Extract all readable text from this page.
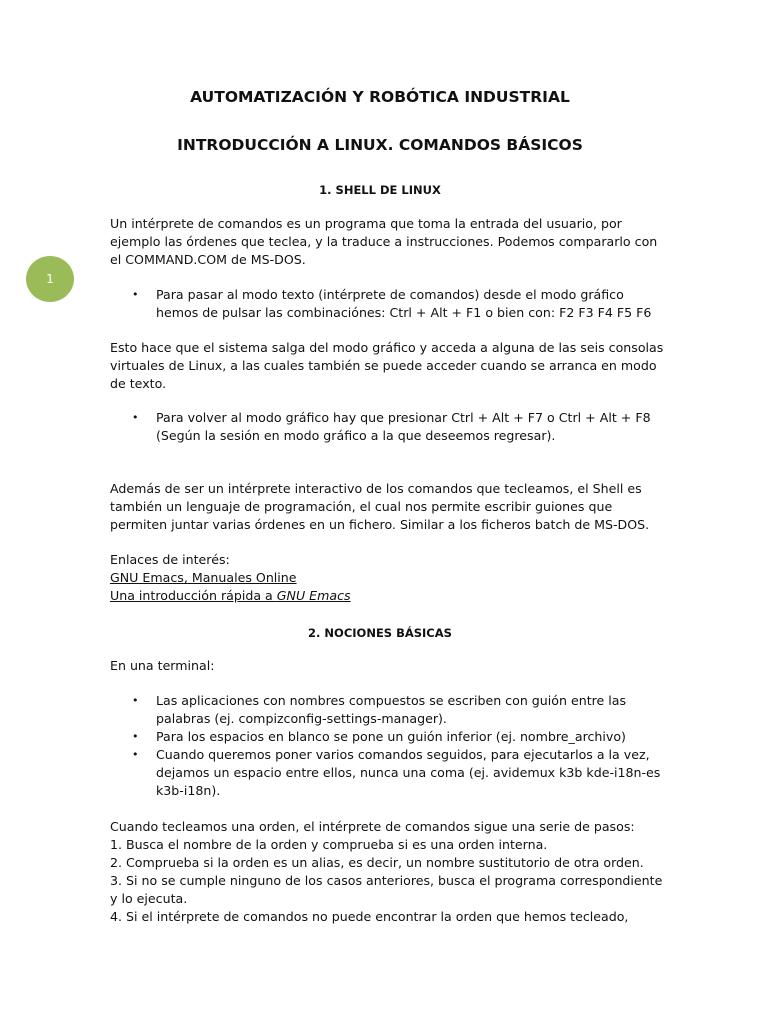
1
AUTOMATIZACIÓN Y ROBÓTICA INDUSTRIAL
INTRODUCCIÓN A LINUX. COMANDOS BÁSICOS
1. SHELL DE LINUX
Un intérprete de comandos es un programa que toma la entrada del usuario, por
ejemplo las órdenes que teclea, y la traduce a instrucciones. Podemos compararlo con
el COMMAND.COM de MS-DOS.
• Para pasar al modo texto (intérprete de comandos) desde el modo gráfico
hemos de pulsar las combinaciónes: Ctrl + Alt + F1 o bien con: F2 F3 F4 F5 F6
Esto hace que el sistema salga del modo gráfico y acceda a alguna de las seis consolas
virtuales de Linux, a las cuales también se puede acceder cuando se arranca en modo
de texto.
• Para volver al modo gráfico hay que presionar Ctrl + Alt + F7 o Ctrl + Alt + F8
(Según la sesión en modo gráfico a la que deseemos regresar).
Además de ser un intérprete interactivo de los comandos que tecleamos, el Shell es
también un lenguaje de programación, el cual nos permite escribir guiones que
permiten juntar varias órdenes en un fichero. Similar a los ficheros batch de MS-DOS.
Enlaces de interés:
GNU Emacs, Manuales Online
Una introducción rápida a GNU Emacs
2. NOCIONES BÁSICAS
En una terminal:
• Las aplicaciones con nombres compuestos se escriben con guión entre las
palabras (ej. compizconfig-settings-manager).
• Para los espacios en blanco se pone un guión inferior (ej. nombre_archivo)
• Cuando queremos poner varios comandos seguidos, para ejecutarlos a la vez,
dejamos un espacio entre ellos, nunca una coma (ej. avidemux k3b kde-i18n-es
k3b-i18n).
Cuando tecleamos una orden, el intérprete de comandos sigue una serie de pasos:
1. Busca el nombre de la orden y comprueba si es una orden interna.
2. Comprueba si la orden es un alias, es decir, un nombre sustitutorio de otra orden.
3. Si no se cumple ninguno de los casos anteriores, busca el programa correspondiente
y lo ejecuta.
4. Si el intérprete de comandos no puede encontrar la orden que hemos tecleado,
